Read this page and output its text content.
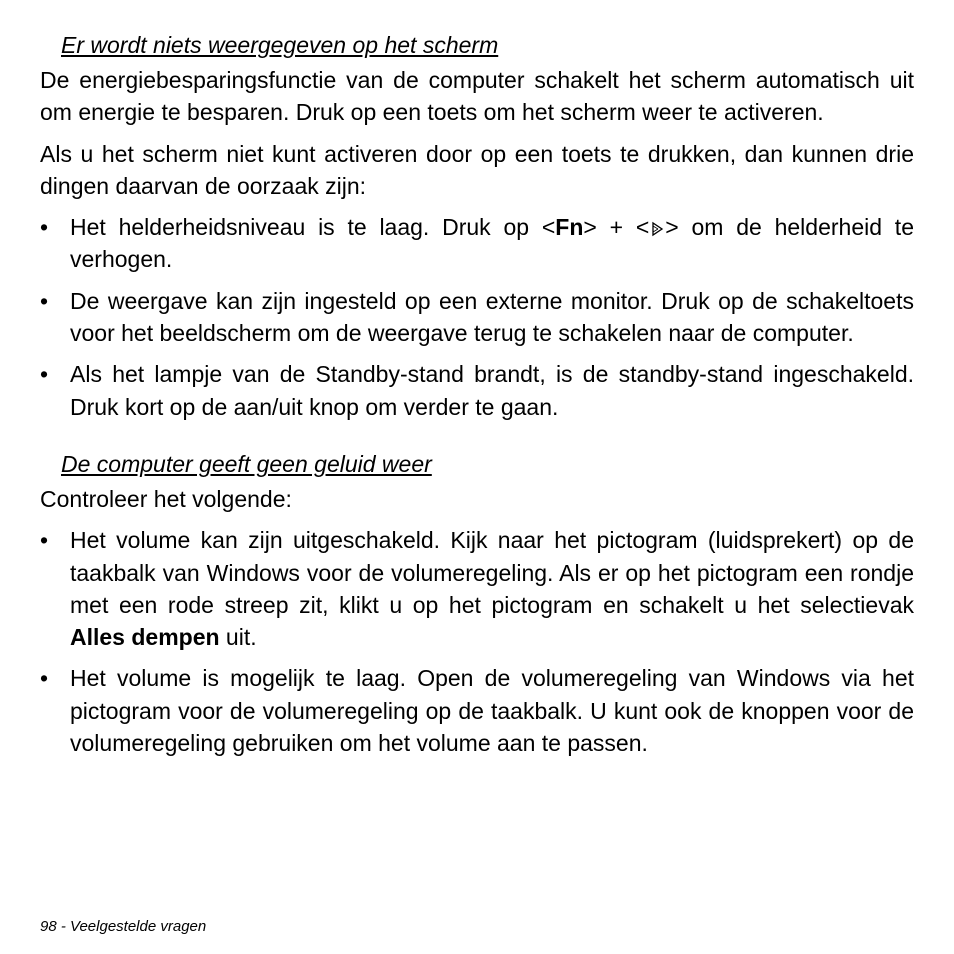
Er wordt niets weergegeven op het scherm

De energiebesparingsfunctie van de computer schakelt het scherm automatisch uit om energie te besparen. Druk op een toets om het scherm weer te activeren.

Als u het scherm niet kunt activeren door op een toets te drukken, dan kunnen drie dingen daarvan de oorzaak zijn:

• Het helderheidsniveau is te laag. Druk op <Fn> + < > om de helderheid te verhogen.
• De weergave kan zijn ingesteld op een externe monitor. Druk op de schakeltoets voor het beeldscherm om de weergave terug te schakelen naar de computer.
• Als het lampje van de Standby-stand brandt, is de standby-stand ingeschakeld. Druk kort op de aan/uit knop om verder te gaan.
De computer geeft geen geluid weer

Controleer het volgende:

• Het volume kan zijn uitgeschakeld. Kijk naar het pictogram (luidsprekert) op de taakbalk van Windows voor de volumeregeling. Als er op het pictogram een rondje met een rode streep zit, klikt u op het pictogram en schakelt u het selectievak Alles dempen uit.
• Het volume is mogelijk te laag. Open de volumeregeling van Windows via het pictogram voor de volumeregeling op de taakbalk. U kunt ook de knoppen voor de volumeregeling gebruiken om het volume aan te passen.
98 - Veelgestelde vragen
